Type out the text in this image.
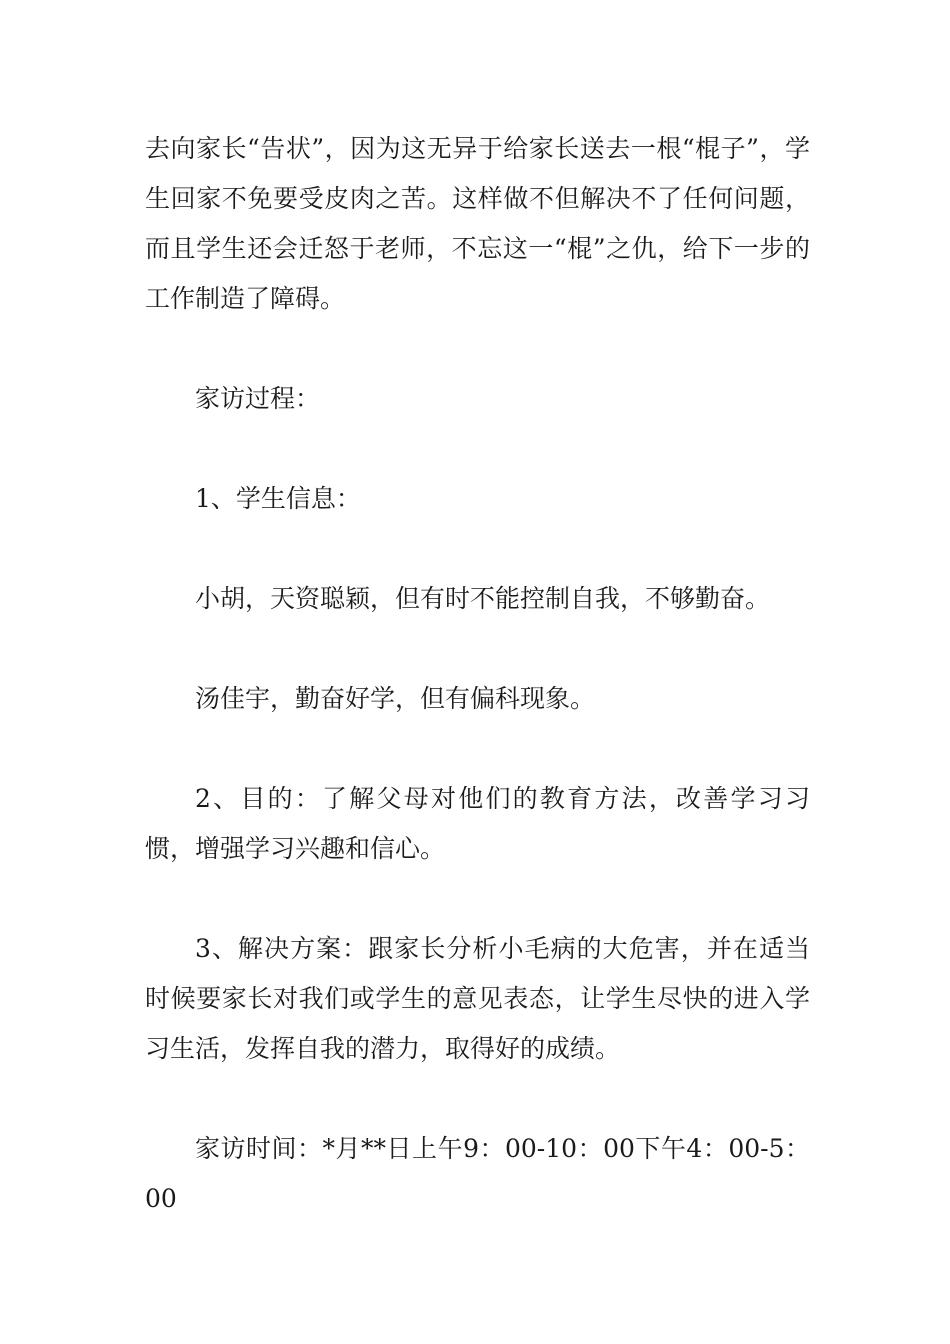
去向家长“告状”，因为这无异于给家长送去一根“棍子”，学生回家不免要受皮肉之苦。这样做不但解决不了任何问题，而且学生还会迁怒于老师，不忘这一“棍”之仇，给下一步的工作制造了障碍。

家访过程：

1、学生信息：

小胡，天资聪颖，但有时不能控制自我，不够勤奋。

汤佳宇，勤奋好学，但有偏科现象。

2、目的：了解父母对他们的教育方法，改善学习习惯，增强学习兴趣和信心。

3、解决方案：跟家长分析小毛病的大危害，并在适当时候要家长对我们或学生的意见表态，让学生尽快的进入学习生活，发挥自我的潜力，取得好的成绩。

家访时间：*月**日上午9：00-10：00下午4：00-5：00
